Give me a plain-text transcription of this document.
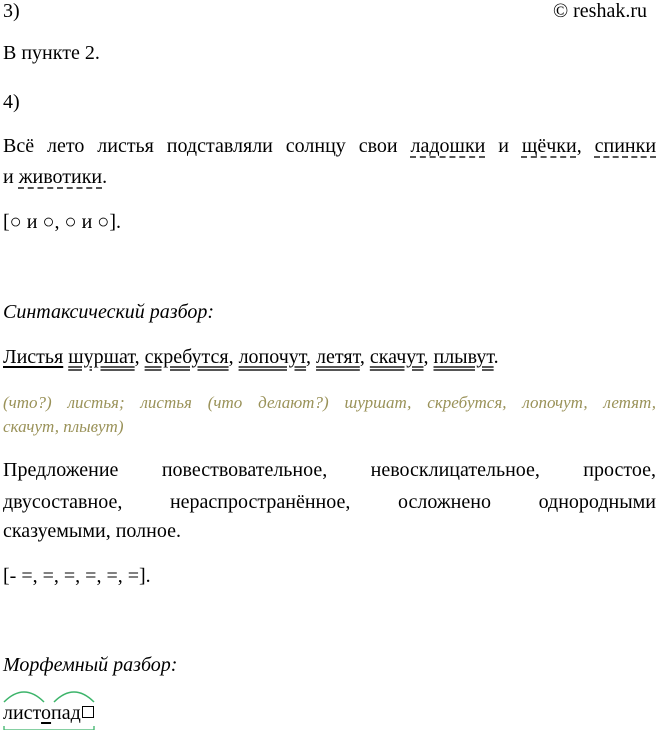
3)	© reshak.ru
В пункте 2.
4)
Всё лето листья подставляли солнцу свои ладошки и щёчки, спинки
и животики.
[○ и ○, ○ и ○].
Синтаксический разбор:
Листья шуршат, скребутся, лопочут, летят, скачут, плывут.
(что?) листья; листья (что делают?) шуршат, скребутся, лопочут, летят,
скачут, плывут)
Предложение повествовательное, невосклицательное, простое,
двусоставное, нераспространённое, осложнено однородными
сказуемыми, полное.
[- =, =, =, =, =, =].
Морфемный разбор:
листопад
